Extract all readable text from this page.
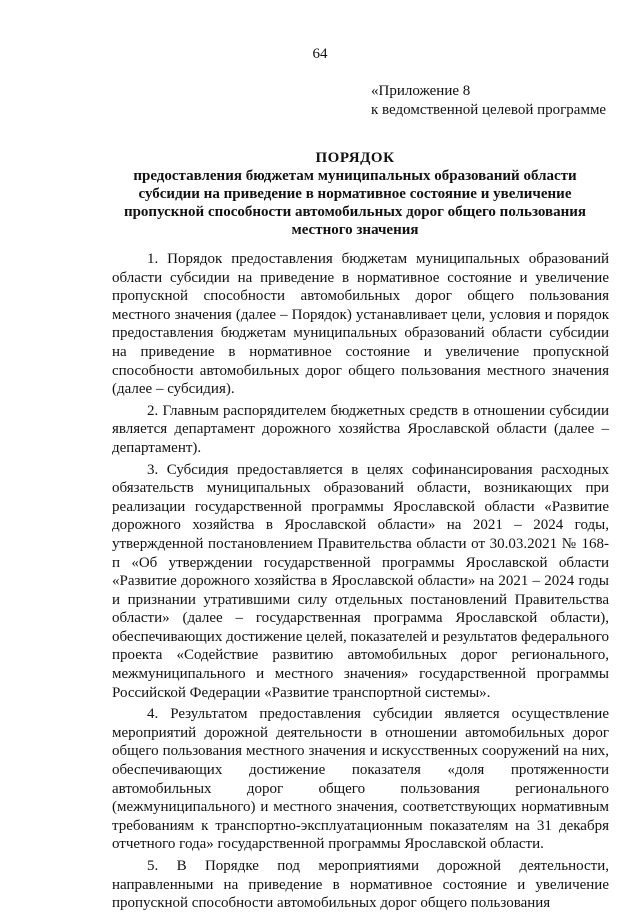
64
«Приложение 8
к ведомственной целевой программе
ПОРЯДОК
предоставления бюджетам муниципальных образований области субсидии на приведение в нормативное состояние и увеличение пропускной способности автомобильных дорог общего пользования местного значения

1. Порядок предоставления бюджетам муниципальных образований области субсидии на приведение в нормативное состояние и увеличение пропускной способности автомобильных дорог общего пользования местного значения (далее – Порядок) устанавливает цели, условия и порядок предоставления бюджетам муниципальных образований области субсидии на приведение в нормативное состояние и увеличение пропускной способности автомобильных дорог общего пользования местного значения (далее – субсидия).

2. Главным распорядителем бюджетных средств в отношении субсидии является департамент дорожного хозяйства Ярославской области (далее – департамент).

3. Субсидия предоставляется в целях софинансирования расходных обязательств муниципальных образований области, возникающих при реализации государственной программы Ярославской области «Развитие дорожного хозяйства в Ярославской области» на 2021 – 2024 годы, утвержденной постановлением Правительства области от 30.03.2021 № 168-п «Об утверждении государственной программы Ярославской области «Развитие дорожного хозяйства в Ярославской области» на 2021 – 2024 годы и признании утратившими силу отдельных постановлений Правительства области» (далее – государственная программа Ярославской области), обеспечивающих достижение целей, показателей и результатов федерального проекта «Содействие развитию автомобильных дорог регионального, межмуниципального и местного значения» государственной программы Российской Федерации «Развитие транспортной системы».

4. Результатом предоставления субсидии является осуществление мероприятий дорожной деятельности в отношении автомобильных дорог общего пользования местного значения и искусственных сооружений на них, обеспечивающих достижение показателя «доля протяженности автомобильных дорог общего пользования регионального (межмуниципального) и местного значения, соответствующих нормативным требованиям к транспортно-эксплуатационным показателям на 31 декабря отчетного года» государственной программы Ярославской области.

5. В Порядке под мероприятиями дорожной деятельности, направленными на приведение в нормативное состояние и увеличение пропускной способности автомобильных дорог общего пользования
